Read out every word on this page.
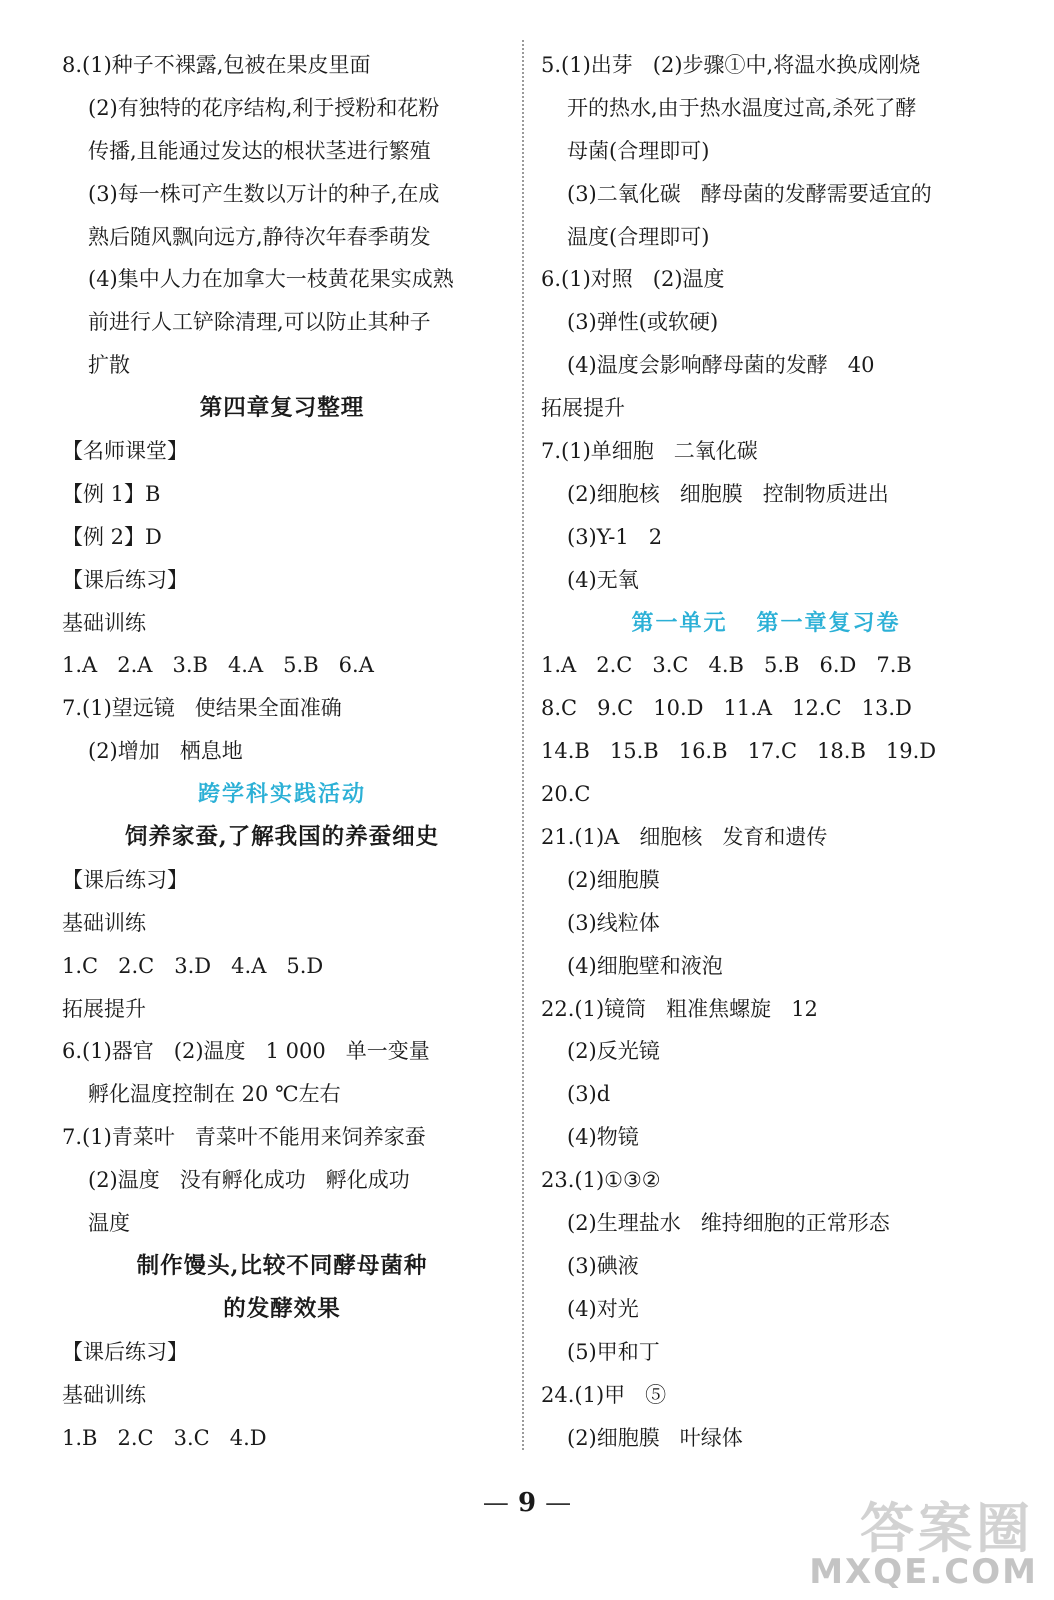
8.(1)种子不裸露,包被在果皮里面
(2)有独特的花序结构,利于授粉和花粉
传播,且能通过发达的根状茎进行繁殖
(3)每一株可产生数以万计的种子,在成
熟后随风飘向远方,静待次年春季萌发
(4)集中人力在加拿大一枝黄花果实成熟
前进行人工铲除清理,可以防止其种子
扩散
第四章复习整理
【名师课堂】
【例 1】B
【例 2】D
【课后练习】
基础训练
1.A   2.A   3.B   4.A   5.B   6.A
7.(1)望远镜   使结果全面准确
(2)增加   栖息地
跨学科实践活动
饲养家蚕,了解我国的养蚕细史
【课后练习】
基础训练
1.C   2.C   3.D   4.A   5.D
拓展提升
6.(1)器官   (2)温度   1 000   单一变量
孵化温度控制在 20 ℃左右
7.(1)青菜叶   青菜叶不能用来饲养家蚕
(2)温度   没有孵化成功   孵化成功
温度
制作馒头,比较不同酵母菌种
的发酵效果
【课后练习】
基础训练
1.B   2.C   3.C   4.D
5.(1)出芽   (2)步骤①中,将温水换成刚烧
开的热水,由于热水温度过高,杀死了酵
母菌(合理即可)
(3)二氧化碳   酵母菌的发酵需要适宜的
温度(合理即可)
6.(1)对照   (2)温度
(3)弹性(或软硬)
(4)温度会影响酵母菌的发酵   40
拓展提升
7.(1)单细胞   二氧化碳
(2)细胞核   细胞膜   控制物质进出
(3)Y-1   2
(4)无氧
第一单元   第一章复习卷
1.A   2.C   3.C   4.B   5.B   6.D   7.B
8.C   9.C   10.D   11.A   12.C   13.D
14.B   15.B   16.B   17.C   18.B   19.D
20.C
21.(1)A   细胞核   发育和遗传
(2)细胞膜
(3)线粒体
(4)细胞壁和液泡
22.(1)镜筒   粗准焦螺旋   12
(2)反光镜
(3)d
(4)物镜
23.(1)①③②
(2)生理盐水   维持细胞的正常形态
(3)碘液
(4)对光
(5)甲和丁
24.(1)甲   ⑤
(2)细胞膜   叶绿体
— 9 —	答案圈
MXQE.COM
